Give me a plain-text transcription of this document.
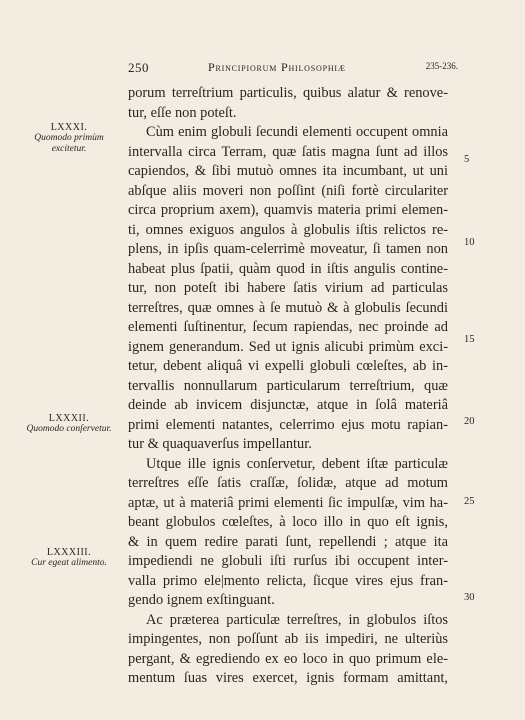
250	Principiorum Philosophiæ	235-236.
LXXXI.
Quomodo primùm excitetur.
LXXXII.
Quomodo conſervetur.
LXXXIII.
Cur egeat alimento.
5
10
15
20
25
30
porum terreſtrium particulis, quibus alatur & renove-
tur, eſſe non poteſt.
Cùm enim globuli ſecundi elementi occupent omnia
intervalla circa Terram, quæ ſatis magna ſunt ad illos
capiendos, & ſibi mutuò omnes ita incumbant, ut uni
abſque aliis moveri non poſſint (niſi fortè circulariter
circa proprium axem), quamvis materia primi elemen-
ti, omnes exiguos angulos à globulis iſtis relictos re-
plens, in ipſis quam-celerrimè moveatur, ſi tamen non
habeat plus ſpatii, quàm quod in iſtis angulis contine-
tur, non poteſt ibi habere ſatis virium ad particulas
terreſtres, quæ omnes à ſe mutuò & à globulis ſecundi
elementi ſuſtinentur, ſecum rapiendas, nec proinde ad
ignem generandum. Sed ut ignis alicubi primùm exci-
tetur, debent aliquâ vi expelli globuli cœleſtes, ab in-
tervallis nonnullarum particularum terreſtrium, quæ
deinde ab invicem disjunctæ, atque in ſolâ materiâ
primi elementi natantes, celerrimo ejus motu rapian-
tur & quaquaverſus impellantur.
Utque ille ignis conſervetur, debent iſtæ particulæ
terreſtres eſſe ſatis craſſæ, ſolidæ, atque ad motum
aptæ, ut à materiâ primi elementi ſic impulſæ, vim ha-
beant globulos cœleſtes, à loco illo in quo eſt ignis,
& in quem redire parati ſunt, repellendi ; atque ita
impediendi ne globuli iſti rurſus ibi occupent inter-
valla primo ele|mento relicta, ſicque vires ejus fran-
gendo ignem exſtinguant.
Ac præterea particulæ terreſtres, in globulos iſtos
impingentes, non poſſunt ab iis impediri, ne ulteriùs
pergant, & egrediendo ex eo loco in quo primum ele-
mentum ſuas vires exercet, ignis formam amittant,
